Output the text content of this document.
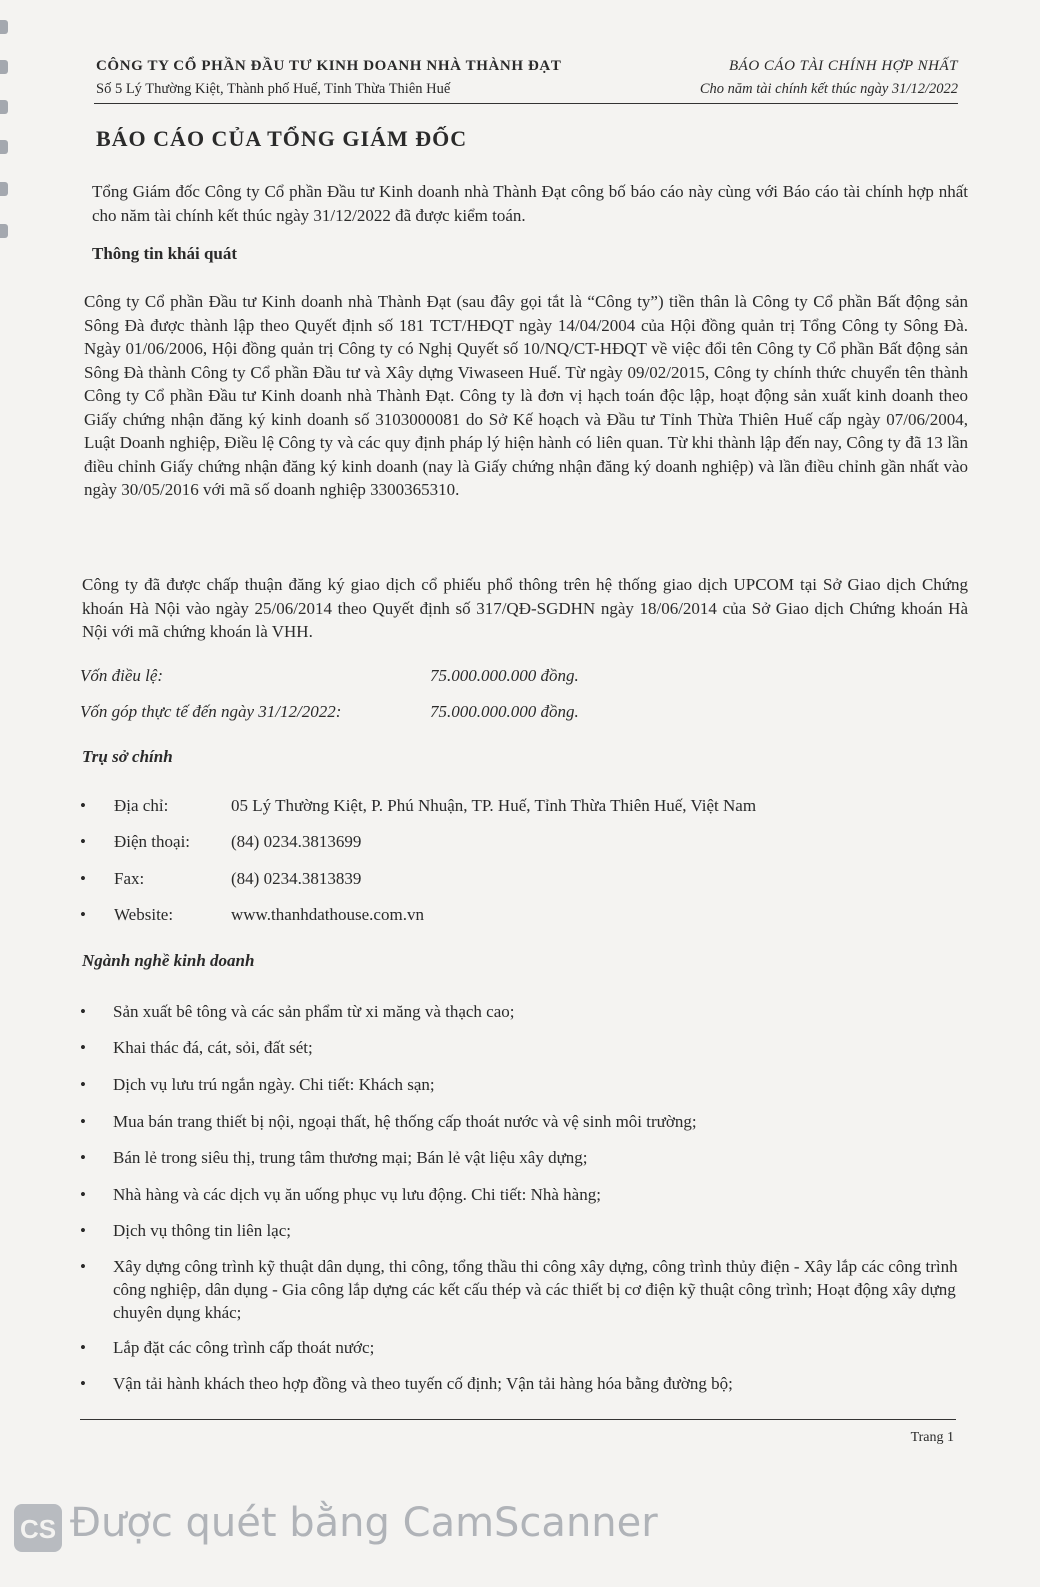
CÔNG TY CỔ PHẦN ĐẦU TƯ KINH DOANH NHÀ THÀNH ĐẠT
Số 5 Lý Thường Kiệt, Thành phố Huế, Tỉnh Thừa Thiên Huế
BÁO CÁO TÀI CHÍNH HỢP NHẤT
Cho năm tài chính kết thúc ngày 31/12/2022
BÁO CÁO CỦA TỔNG GIÁM ĐỐC
Tổng Giám đốc Công ty Cổ phần Đầu tư Kinh doanh nhà Thành Đạt công bố báo cáo này cùng với Báo cáo tài chính hợp nhất cho năm tài chính kết thúc ngày 31/12/2022 đã được kiểm toán.
Thông tin khái quát
Công ty Cổ phần Đầu tư Kinh doanh nhà Thành Đạt (sau đây gọi tắt là “Công ty”) tiền thân là Công ty Cổ phần Bất động sản Sông Đà được thành lập theo Quyết định số 181 TCT/HĐQT ngày 14/04/2004 của Hội đồng quản trị Tổng Công ty Sông Đà. Ngày 01/06/2006, Hội đồng quản trị Công ty có Nghị Quyết số 10/NQ/CT-HĐQT về việc đổi tên Công ty Cổ phần Bất động sản Sông Đà thành Công ty Cổ phần Đầu tư và Xây dựng Viwaseen Huế. Từ ngày 09/02/2015, Công ty chính thức chuyển tên thành Công ty Cổ phần Đầu tư Kinh doanh nhà Thành Đạt. Công ty là đơn vị hạch toán độc lập, hoạt động sản xuất kinh doanh theo Giấy chứng nhận đăng ký kinh doanh số 3103000081 do Sở Kế hoạch và Đầu tư Tỉnh Thừa Thiên Huế cấp ngày 07/06/2004, Luật Doanh nghiệp, Điều lệ Công ty và các quy định pháp lý hiện hành có liên quan. Từ khi thành lập đến nay, Công ty đã 13 lần điều chỉnh Giấy chứng nhận đăng ký kinh doanh (nay là Giấy chứng nhận đăng ký doanh nghiệp) và lần điều chỉnh gần nhất vào ngày 30/05/2016 với mã số doanh nghiệp 3300365310.
Công ty đã được chấp thuận đăng ký giao dịch cổ phiếu phổ thông trên hệ thống giao dịch UPCOM tại Sở Giao dịch Chứng khoán Hà Nội vào ngày 25/06/2014 theo Quyết định số 317/QĐ-SGDHN ngày 18/06/2014 của Sở Giao dịch Chứng khoán Hà Nội với mã chứng khoán là VHH.
Vốn điều lệ:	75.000.000.000 đồng.
Vốn góp thực tế đến ngày 31/12/2022:	75.000.000.000 đồng.
Trụ sở chính
• Địa chỉ:	05 Lý Thường Kiệt, P. Phú Nhuận, TP. Huế, Tỉnh Thừa Thiên Huế, Việt Nam
• Điện thoại: (84) 0234.3813699
• Fax:	(84) 0234.3813839
• Website:	www.thanhdathouse.com.vn
Ngành nghề kinh doanh
• Sản xuất bê tông và các sản phẩm từ xi măng và thạch cao;
• Khai thác đá, cát, sỏi, đất sét;
• Dịch vụ lưu trú ngắn ngày. Chi tiết: Khách sạn;
• Mua bán trang thiết bị nội, ngoại thất, hệ thống cấp thoát nước và vệ sinh môi trường;
• Bán lẻ trong siêu thị, trung tâm thương mại; Bán lẻ vật liệu xây dựng;
• Nhà hàng và các dịch vụ ăn uống phục vụ lưu động. Chi tiết: Nhà hàng;
• Dịch vụ thông tin liên lạc;
• Xây dựng công trình kỹ thuật dân dụng, thi công, tổng thầu thi công xây dựng, công trình thủy điện - Xây lắp các công trình công nghiệp, dân dụng - Gia công lắp dựng các kết cấu thép và các thiết bị cơ điện kỹ thuật công trình; Hoạt động xây dựng chuyên dụng khác;
• Lắp đặt các công trình cấp thoát nước;
• Vận tải hành khách theo hợp đồng và theo tuyến cố định; Vận tải hàng hóa bằng đường bộ;
Trang 1
CS Được quét bằng CamScanner
